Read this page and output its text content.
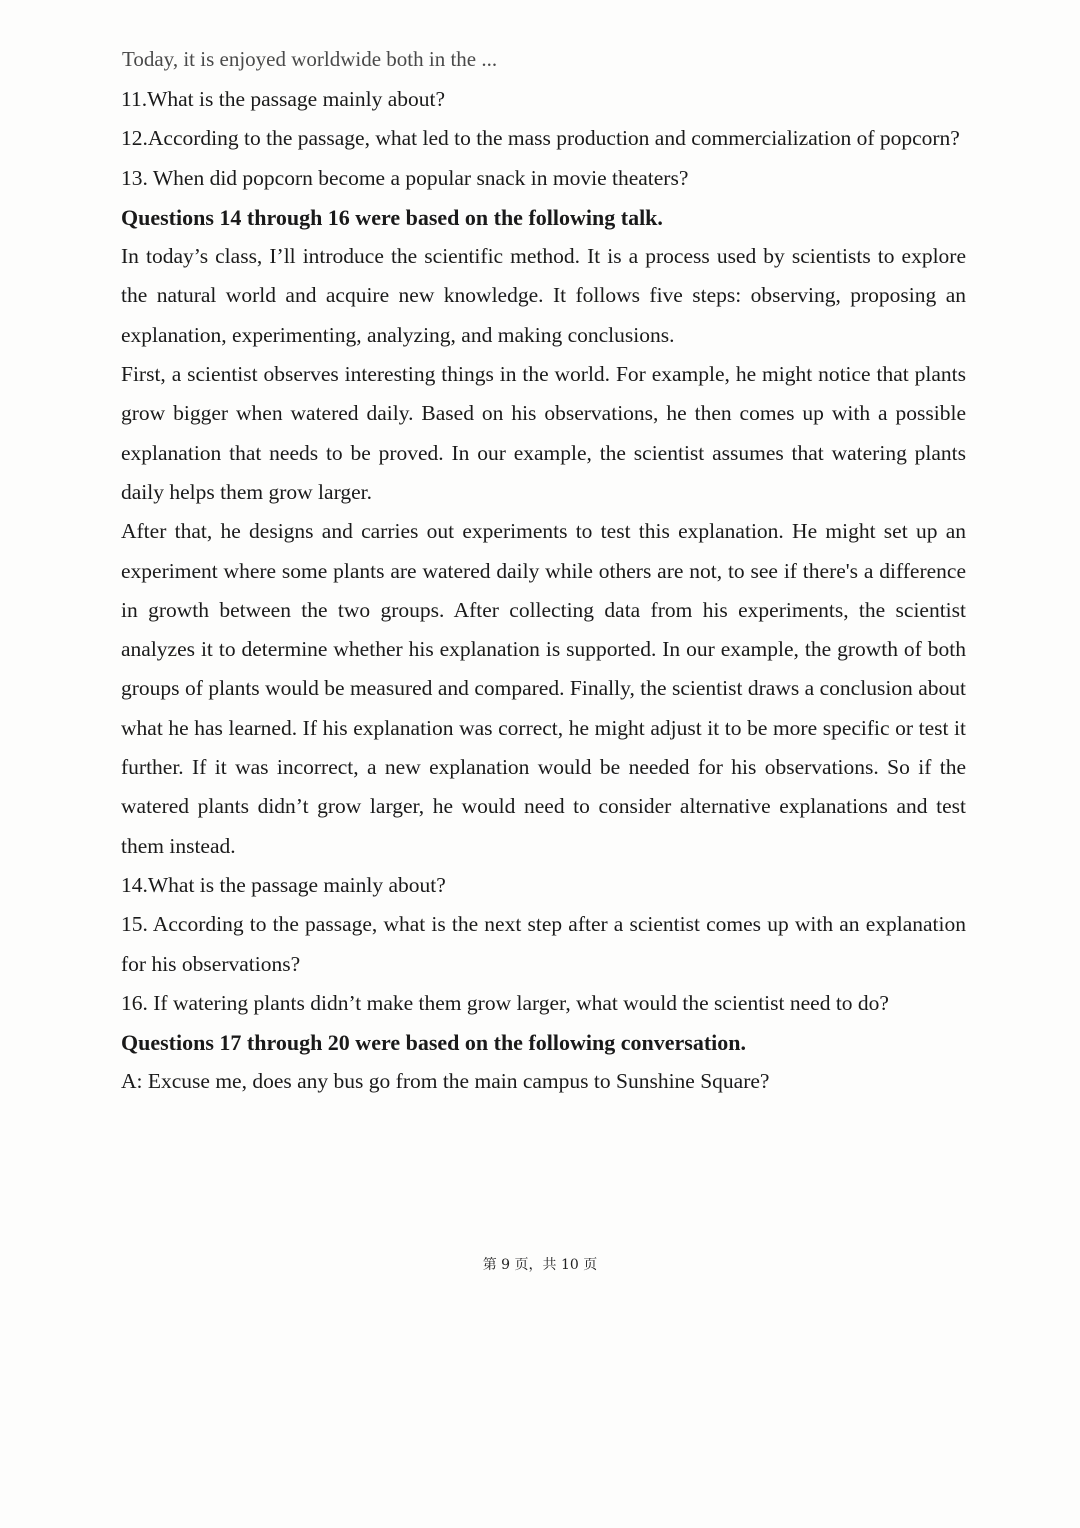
Today, it is enjoyed worldwide both in the ...

11.What is the passage mainly about?

12.According to the passage, what led to the mass production and commercialization of popcorn?

13. When did popcorn become a popular snack in movie theaters?

Questions 14 through 16 were based on the following talk.

In today’s class, I’ll introduce the scientific method. It is a process used by scientists to explore the natural world and acquire new knowledge. It follows five steps: observing, proposing an explanation, experimenting, analyzing, and making conclusions.

First, a scientist observes interesting things in the world. For example, he might notice that plants grow bigger when watered daily. Based on his observations, he then comes up with a possible explanation that needs to be proved. In our example, the scientist assumes that watering plants daily helps them grow larger.

After that, he designs and carries out experiments to test this explanation. He might set up an experiment where some plants are watered daily while others are not, to see if there's a difference in growth between the two groups. After collecting data from his experiments, the scientist analyzes it to determine whether his explanation is supported. In our example, the growth of both groups of plants would be measured and compared. Finally, the scientist draws a conclusion about what he has learned. If his explanation was correct, he might adjust it to be more specific or test it further. If it was incorrect, a new explanation would be needed for his observations. So if the watered plants didn’t grow larger, he would need to consider alternative explanations and test them instead.

14.What is the passage mainly about?

15. According to the passage, what is the next step after a scientist comes up with an explanation for his observations?

16. If watering plants didn’t make them grow larger, what would the scientist need to do?

Questions 17 through 20 were based on the following conversation.

A: Excuse me, does any bus go from the main campus to Sunshine Square?

第 9 页，共 10 页
